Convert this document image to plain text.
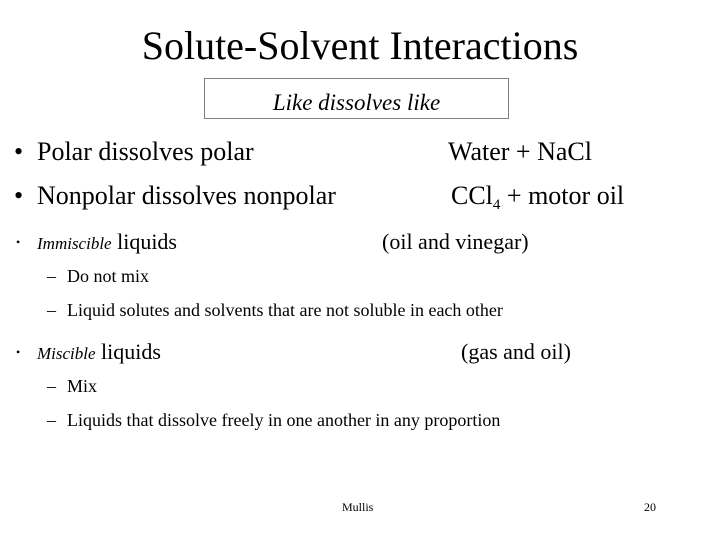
Solute-Solvent Interactions
Like dissolves like
• Polar dissolves polar	Water + NaCl
• Nonpolar dissolves nonpolar	CCl$_4$ + motor oil
• Immiscible liquids	(oil and vinegar)
– Do not mix
– Liquid solutes and solvents that are not soluble in each other
• Miscible liquids	(gas and oil)
– Mix
– Liquids that dissolve freely in one another in any proportion
Mullis	20
